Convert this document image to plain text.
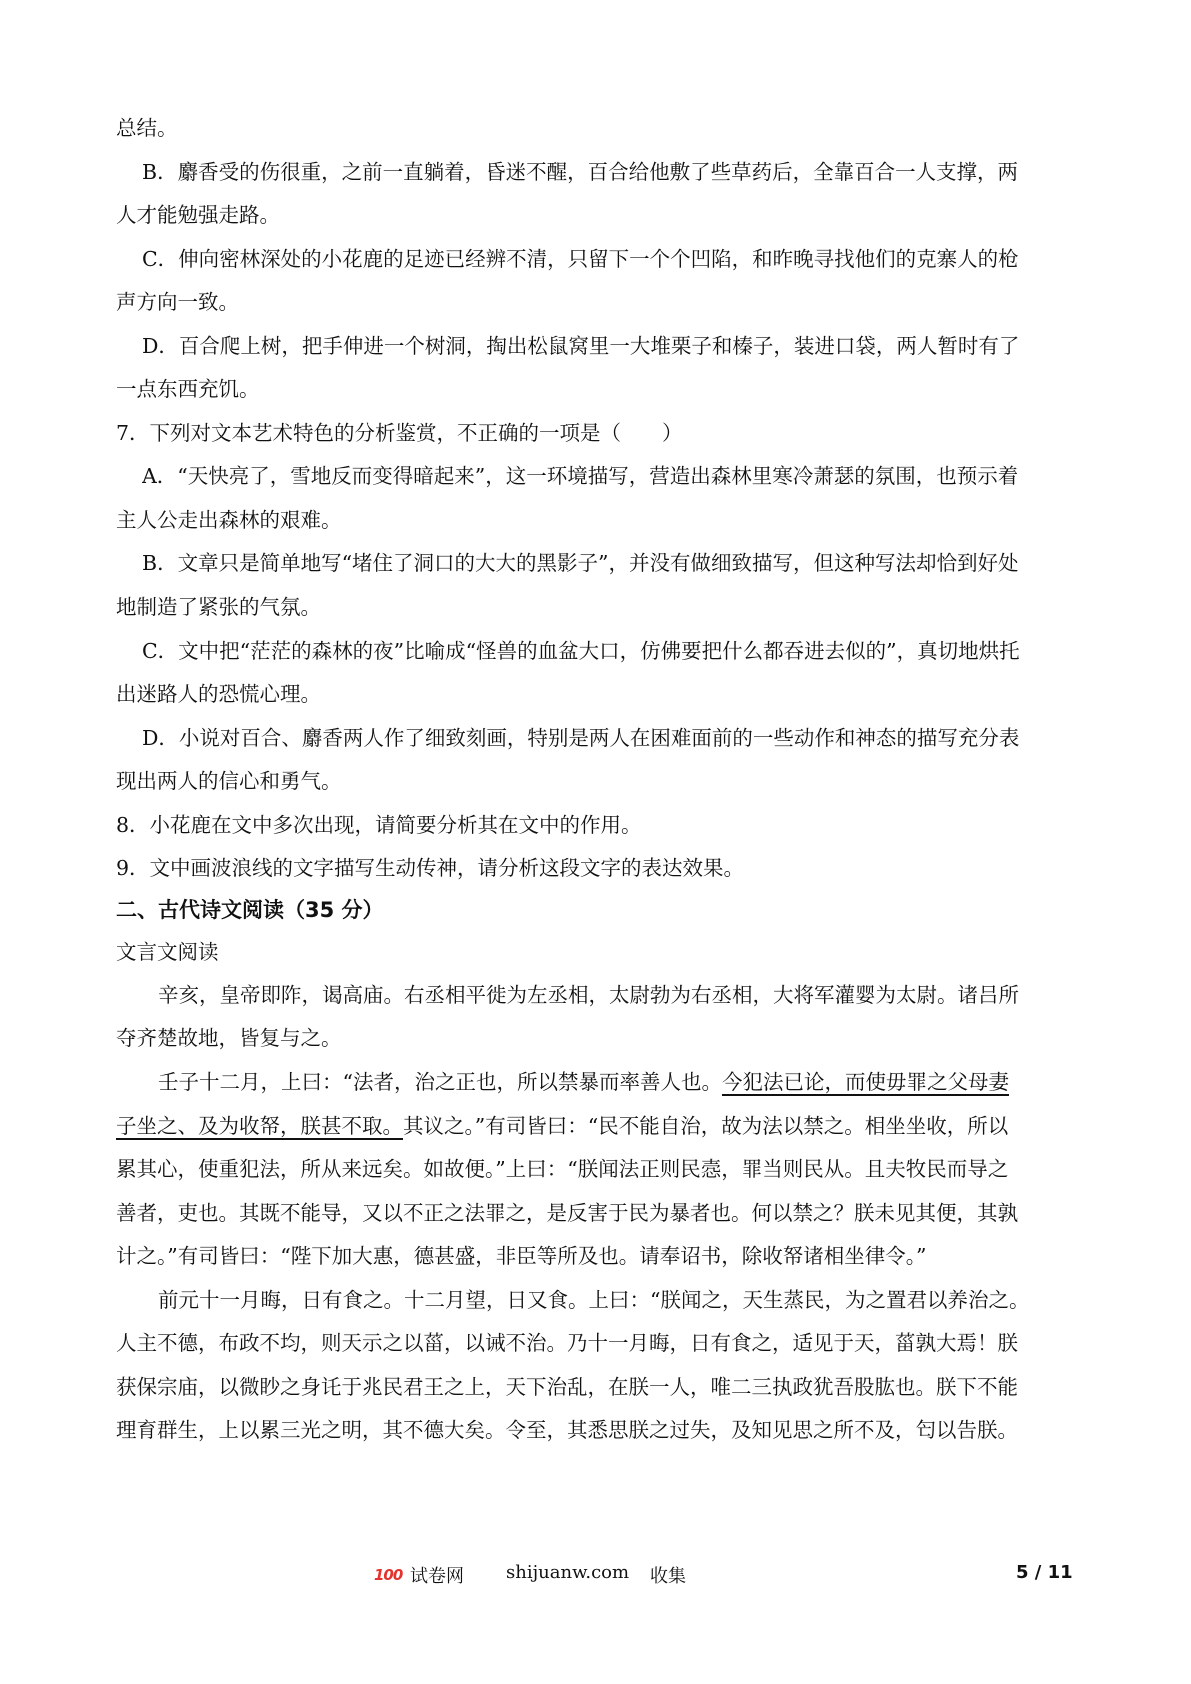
总结。
B．麝香受的伤很重，之前一直躺着，昏迷不醒，百合给他敷了些草药后，全靠百合一人支撑，两
人才能勉强走路。
C．伸向密林深处的小花鹿的足迹已经辨不清，只留下一个个凹陷，和昨晚寻找他们的克寨人的枪
声方向一致。
D．百合爬上树，把手伸进一个树洞，掏出松鼠窝里一大堆栗子和榛子，装进口袋，两人暂时有了
一点东西充饥。
7．下列对文本艺术特色的分析鉴赏，不正确的一项是（　　）
A．“天快亮了，雪地反而变得暗起来”，这一环境描写，营造出森林里寒冷萧瑟的氛围，也预示着
主人公走出森林的艰难。
B．文章只是简单地写“堵住了洞口的大大的黑影子”，并没有做细致描写，但这种写法却恰到好处
地制造了紧张的气氛。
C．文中把“茫茫的森林的夜”比喻成“怪兽的血盆大口，仿佛要把什么都吞进去似的”，真切地烘托
出迷路人的恐慌心理。
D．小说对百合、麝香两人作了细致刻画，特别是两人在困难面前的一些动作和神态的描写充分表
现出两人的信心和勇气。
8．小花鹿在文中多次出现，请简要分析其在文中的作用。
9．文中画波浪线的文字描写生动传神，请分析这段文字的表达效果。
二、古代诗文阅读（35 分）
文言文阅读
辛亥，皇帝即阼，谒高庙。右丞相平徙为左丞相，太尉勃为右丞相，大将军灌婴为太尉。诸吕所
夺齐楚故地，皆复与之。
壬子十二月，上曰：“法者，治之正也，所以禁暴而率善人也。今犯法已论，而使毋罪之父母妻
子坐之、及为收帑，朕甚不取。其议之。”有司皆曰：“民不能自治，故为法以禁之。相坐坐收，所以
累其心，使重犯法，所从来远矣。如故便。”上曰：“朕闻法正则民悫，罪当则民从。且夫牧民而导之
善者，吏也。其既不能导，又以不正之法罪之，是反害于民为暴者也。何以禁之？朕未见其便，其孰
计之。”有司皆曰：“陛下加大惠，德甚盛，非臣等所及也。请奉诏书，除收帑诸相坐律令。”
前元十一月晦，日有食之。十二月望，日又食。上曰：“朕闻之，天生蒸民，为之置君以养治之。
人主不德，布政不均，则天示之以菑，以诫不治。乃十一月晦，日有食之，适见于天，菑孰大焉！朕
获保宗庙，以微眇之身讬于兆民君王之上，天下治乱，在朕一人，唯二三执政犹吾股肱也。朕下不能
理育群生，上以累三光之明，其不德大矣。令至，其悉思朕之过失，及知见思之所不及，匄以告朕。
100 试卷网 shijuanw.com 收集	5 / 11
